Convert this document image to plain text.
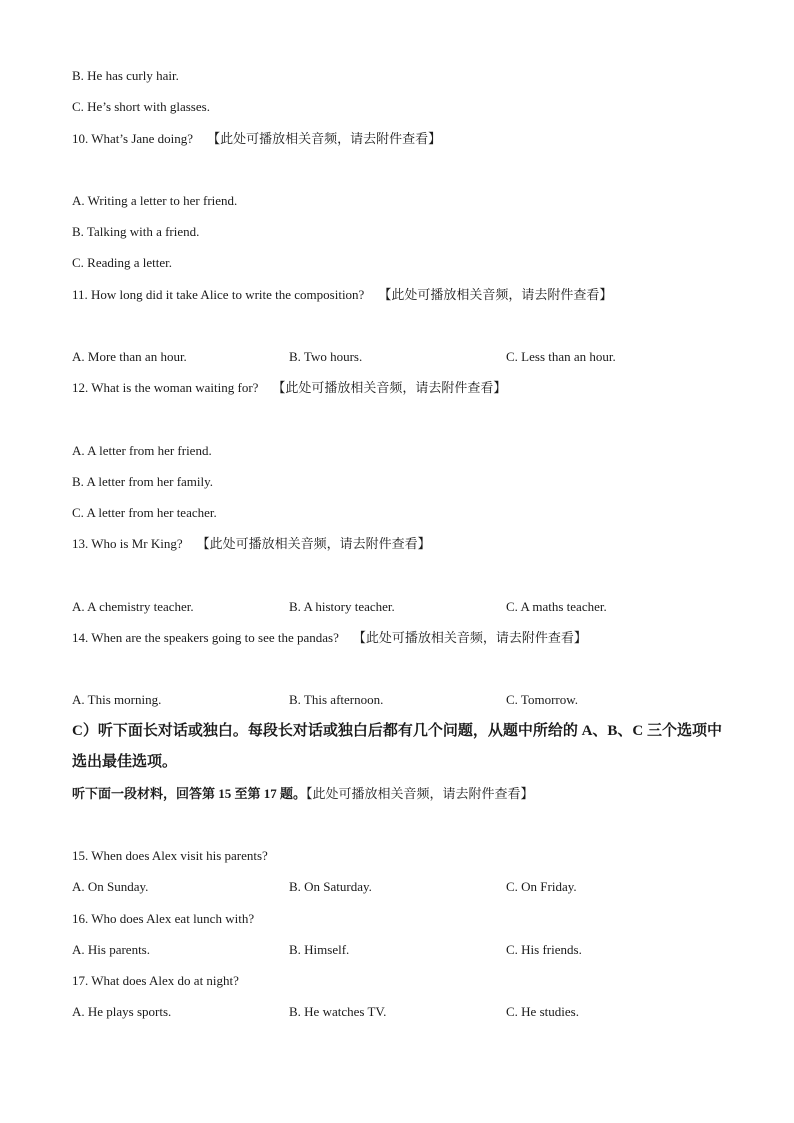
B. He has curly hair.
C. He’s short with glasses.
10. What’s Jane doing? 【此处可播放相关音频，请去附件查看】
A. Writing a letter to her friend.
B. Talking with a friend.
C. Reading a letter.
11. How long did it take Alice to write the composition? 【此处可播放相关音频，请去附件查看】
A. More than an hour.	B. Two hours.	C. Less than an hour.
12. What is the woman waiting for? 【此处可播放相关音频，请去附件查看】
A. A letter from her friend.
B. A letter from her family.
C. A letter from her teacher.
13. Who is Mr King? 【此处可播放相关音频，请去附件查看】
A. A chemistry teacher.	B. A history teacher.	C. A maths teacher.
14. When are the speakers going to see the pandas? 【此处可播放相关音频，请去附件查看】
A. This morning.	B. This afternoon.	C. Tomorrow.
C）听下面长对话或独白。每段长对话或独白后都有几个问题，从题中所给的 A、B、C 三个选项中选出最佳选项。
听下面一段材料，回答第 15 至第 17 题。【此处可播放相关音频，请去附件查看】
15. When does Alex visit his parents?
A. On Sunday.	B. On Saturday.	C. On Friday.
16. Who does Alex eat lunch with?
A. His parents.	B. Himself.	C. His friends.
17. What does Alex do at night?
A. He plays sports.	B. He watches TV.	C. He studies.
